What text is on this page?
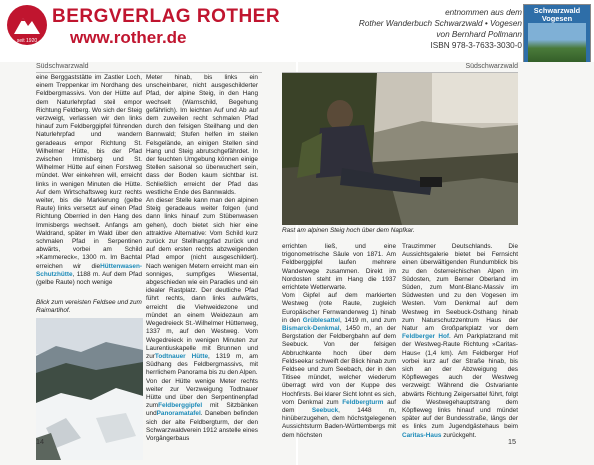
seit 1920
BERGVERLAG ROTHER
www.rother.de
entnommen aus dem
Rother Wanderbuch Schwarzwald • Vogesen
von Bernhard Pollmann
ISBN 978-3-7633-3030-0
Schwarzwald
Vogesen
Südschwarzwald

eine Berggaststätte im Zastler Loch, einem Treppenkar im Nordhang des Feldbergmassivs. Von der Hütte auf dem Naturlehrpfad steil empor Richtung Feldberg. Wo sich der Steig verzweigt, verlassen wir den links hinauf zum Feldberggipfel führenden Naturlehrpfad und wandern geradeaus empor Richtung St. Wilhelmer Hütte, bis der Pfad zwischen Immisberg und St. Wilhelmer Hütte auf einen Forstweg mündet. Wer einkehren will, erreicht links in wenigen Minuten die Hütte. Auf dem Wirtschaftsweg kurz rechts weiter, bis die Markierung (gelbe Raute) links versetzt auf einen Pfad Richtung Oberried in den Hang des Immisbergs wechselt. Anfangs am Waldrand, später im Wald über den schmalen Pfad in Serpentinen abwärts, vorbei am Schild »Kammereck«, 1300 m. Im Bachtal erreichen wir dieHüttenwasen-Schutzhütte, 1188 m. Auf dem Pfad (gelbe Raute) noch wenige

Blick zum vereisten Feldsee und zum Raimartihof.

Meter hinab, bis links ein unscheinbarer, nicht ausgeschilderter Pfad, der alpine Steig, in den Hang wechselt (Warnschild, Begehung gefährlich). Im leichten Auf und Ab auf dem zuweilen recht schmalen Pfad durch den felsigen Steilhang und den Bannwald; Stufen helfen im steilen Felsgelände, an einigen Stellen sind Hang und Steig abrutschgefährdet. In der feuchten Umgebung können einige Stellen saisonal so überwuchert sein, dass der Boden kaum sichtbar ist. Schließlich erreicht der Pfad das westliche Ende des Bannwalds.

An dieser Stelle kann man den alpinen Steig geradeaus weiter folgen (und dann links hinauf zum Stübenwasen gehen), doch bietet sich hier eine attraktive Alternative: Vom Schild kurz zurück zur Stellhangpfad zurück und auf dem ersten rechts abzweigenden Pfad empor (nicht ausgeschildert). Nach wenigen Metern erreicht man ein sonniges, sumpfiges Wiesental, abgeschieden wie ein Paradies und ein idealer Rastplatz. Der deutliche Pfad führt rechts, dann links aufwärts, erreicht die Viehweidezone und mündet an einem Weidezaun am Wegedreieck St.-Wilhelmer Hüttenweg, 1337 m, auf den Westweg. Vom Wegedreieck in wenigen Minuten zur Laurentiuskapelle mit Brunnen und zurTodtnauer Hütte, 1319 m, am Südhang des Feldbergmassivs, mit herrlichem Panorama bis zu den Alpen.

Von der Hütte wenige Meter rechts weiter zur Verzweigung Todtnauer Hütte und über den Serpentinenpfad zumFeldberggipfel mit Sitzbänken undPanoramatafel. Daneben befinden sich der alte Feldbergturm, der den Schwarzwaldverein 1912 anstelle eines Vorgängerbaus

14
Südschwarzwald
Rast am alpinen Steig hoch über dem Napfkar.

errichten ließ, und eine trigonometrische Säule von 1871. Am Feldberggipfel laufen mehrere Wanderwege zusammen. Direkt im Nordosten steht im Hang die 1937 errichtete Wetterwarte.

Vom Gipfel auf dem markierten Westweg (rote Raute, zugleich Europäischer Fernwanderweg 1) hinab in den Grüblesattel, 1419 m, und zum Bismarck-Denkmal, 1450 m, an der Bergstation der Feldbergbahn auf dem Seebuck. Von der felsigen Abbruchkante hoch über dem Feldseekar schweift der Blick hinab zum Feldsee und zum Seebach, der in den Titisee mündet, welcher wiederum überragt wird von der Kuppe des Hochfirsts. Bei klarer Sicht lohnt es sich, vom Denkmal zum Feldbergturm auf dem	Seebuck, 1448 m, hinüberzugehen, dem höchstgelegenen Aussichtsturm Baden-Württembergs mit dem höchsten

Trauzimmer Deutschlands. Die Aussichtsgalerie bietet bei Fernsicht einen überwältigenden Rundumblick bis zu den österreichischen Alpen im Südosten, zum Berner Oberland im Süden, zum Mont-Blanc-Massiv im Südwesten und zu den Vogesen im Westen. Vom Denkmal auf dem Westweg im Seebuck-Osthang hinab zum Naturschutzzentrum Haus der Natur am Großparkplatz vor dem Feldberger Hof. Am Parkplatzrand mit der Westweg-Raute Richtung »Caritas-Haus« (1,4 km). Am Feldberger Hof vorbei kurz auf der Straße hinab, bis sich an der Abzweigung des Köpfleweges auch der Westweg verzweigt: Während die Ostvariante abwärts Richtung Zeigersattel führt, folgt die Westwegehauptstrang dem Köpfleweg links hinauf und mündet später auf der Bundesstraße, längs der es links zum Jugendgästehaus beim Caritas-Haus zurückgeht.

15
